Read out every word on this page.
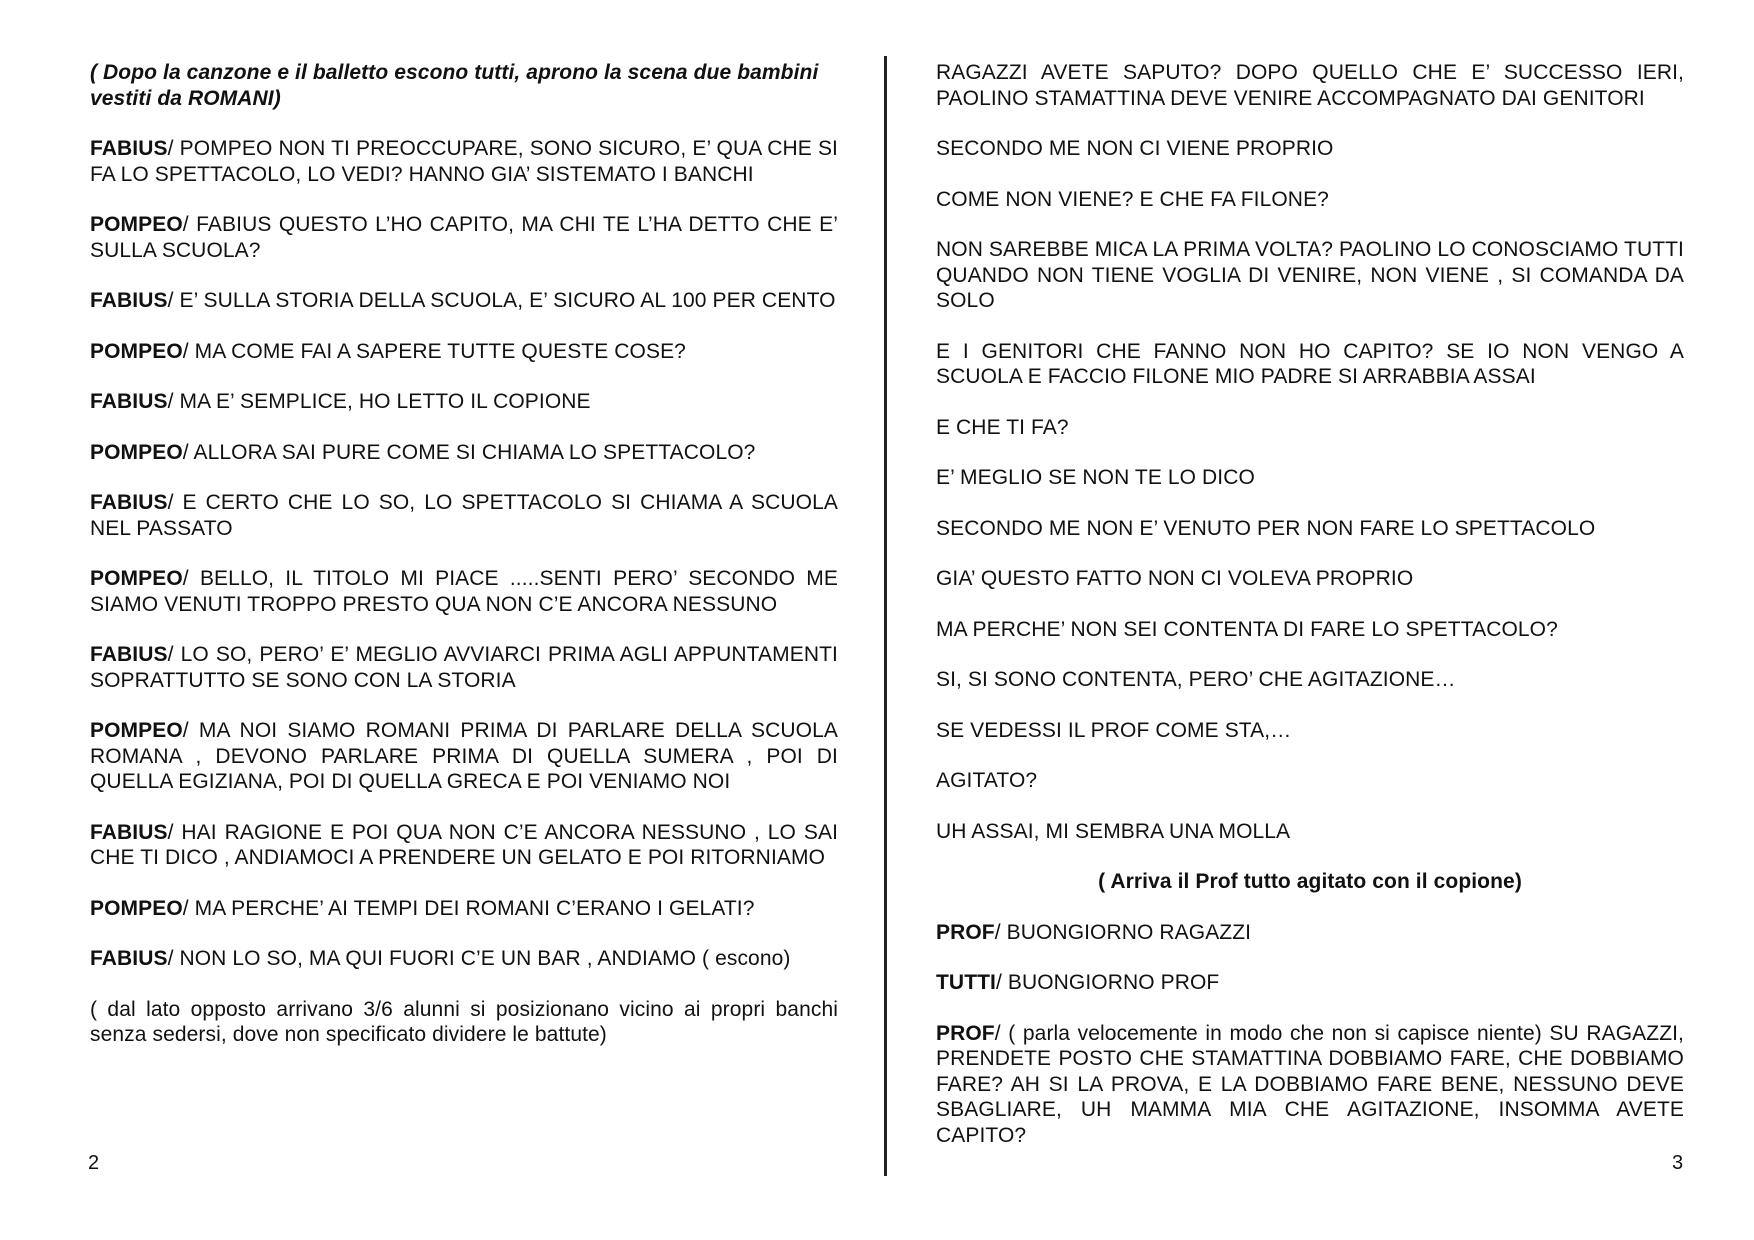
( Dopo la canzone e il balletto escono tutti, aprono la scena due bambini vestiti da ROMANI)

FABIUS/ POMPEO NON TI PREOCCUPARE, SONO SICURO, E’ QUA CHE SI FA LO SPETTACOLO, LO VEDI? HANNO GIA’ SISTEMATO I BANCHI

POMPEO/ FABIUS QUESTO L’HO CAPITO, MA CHI TE L’HA DETTO CHE E’ SULLA SCUOLA?

FABIUS/ E’ SULLA STORIA DELLA SCUOLA, E’ SICURO AL 100 PER CENTO

POMPEO/ MA COME FAI A SAPERE TUTTE QUESTE COSE?

FABIUS/ MA E’ SEMPLICE, HO LETTO IL COPIONE

POMPEO/ ALLORA SAI PURE COME SI CHIAMA LO SPETTACOLO?

FABIUS/ E CERTO CHE LO SO, LO SPETTACOLO SI CHIAMA A SCUOLA NEL PASSATO

POMPEO/ BELLO, IL TITOLO MI PIACE .....SENTI PERO’ SECONDO ME SIAMO VENUTI TROPPO PRESTO QUA NON C’E ANCORA NESSUNO

FABIUS/ LO SO, PERO’ E’ MEGLIO AVVIARCI PRIMA AGLI APPUNTAMENTI SOPRATTUTTO SE SONO CON LA STORIA

POMPEO/ MA NOI SIAMO ROMANI PRIMA DI PARLARE DELLA SCUOLA ROMANA , DEVONO PARLARE PRIMA DI QUELLA SUMERA , POI DI QUELLA EGIZIANA, POI DI QUELLA GRECA E POI VENIAMO NOI

FABIUS/ HAI RAGIONE E POI QUA NON C’E ANCORA NESSUNO , LO SAI CHE TI DICO , ANDIAMOCI A PRENDERE UN GELATO E POI RITORNIAMO

POMPEO/ MA PERCHE’ AI TEMPI DEI ROMANI C’ERANO I GELATI?

FABIUS/ NON LO SO, MA QUI FUORI C’E UN BAR , ANDIAMO ( escono)

( dal lato opposto arrivano 3/6 alunni si posizionano vicino ai propri banchi senza sedersi, dove non specificato dividere le battute)

RAGAZZI AVETE SAPUTO? DOPO QUELLO CHE E’ SUCCESSO IERI, PAOLINO STAMATTINA DEVE VENIRE ACCOMPAGNATO DAI GENITORI

SECONDO ME NON CI VIENE PROPRIO

COME NON VIENE? E CHE FA FILONE?

NON SAREBBE MICA LA PRIMA VOLTA? PAOLINO LO CONOSCIAMO TUTTI QUANDO NON TIENE VOGLIA DI VENIRE, NON VIENE , SI COMANDA DA SOLO

E I GENITORI CHE FANNO NON HO CAPITO? SE IO NON VENGO A SCUOLA E FACCIO FILONE MIO PADRE SI ARRABBIA ASSAI

E CHE TI FA?

E’ MEGLIO SE NON TE LO DICO

SECONDO ME NON E’ VENUTO PER NON FARE LO SPETTACOLO

GIA’ QUESTO FATTO NON CI VOLEVA PROPRIO

MA PERCHE’ NON SEI CONTENTA DI FARE LO SPETTACOLO?

SI, SI SONO CONTENTA, PERO’ CHE AGITAZIONE…

SE VEDESSI IL PROF COME STA,…

AGITATO?

UH ASSAI, MI SEMBRA UNA MOLLA

( Arriva il Prof tutto agitato con il copione)

PROF/ BUONGIORNO RAGAZZI

TUTTI/ BUONGIORNO PROF

PROF/ ( parla velocemente in modo che non si capisce niente) SU RAGAZZI, PRENDETE POSTO CHE STAMATTINA DOBBIAMO FARE, CHE DOBBIAMO FARE? AH SI LA PROVA, E LA DOBBIAMO FARE BENE, NESSUNO DEVE SBAGLIARE, UH MAMMA MIA CHE AGITAZIONE, INSOMMA AVETE CAPITO?

2	3
